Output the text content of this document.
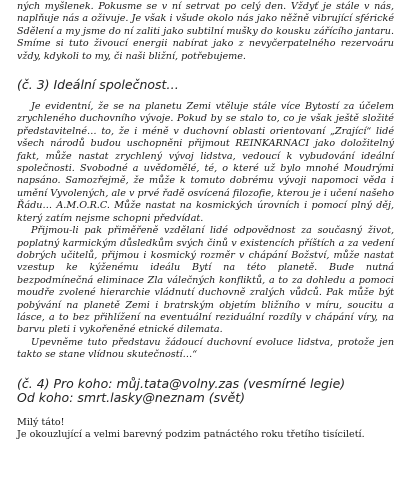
ných myšlenek. Pokusme se v ní setrvat po celý den. Vždyť je stále v nás, naplňuje nás a oživuje. Je však i všude okolo nás jako něžně vibrující sférické Sdělení a my jsme do ní zaliti jako subtilní mušky do kousku zářícího jantaru. Smíme si tuto živoucí energii nabírat jako z nevyčerpatelného rezervoáru vždy, kdykoli to my, či naši bližní, potřebujeme.

(č. 3) Ideální společnost…

Je evidentní, že se na planetu Zemi vtěluje stále více Bytostí za účelem zrychleného duchovního vývoje. Pokud by se stalo to, co je však ještě složité představitelné… to, že i méně v duchovní oblasti orientovaní „Zrající“ lidé všech národů budou uschopněni přijmout REINKARNACI jako doložitelný fakt, může nastat zrychlený vývoj lidstva, vedoucí k vybudování ideální společnosti. Svobodné a uvědomělé, té, o které už bylo mnohé Moudrými napsáno. Samozřejmě, že může k tomuto dobrému vývoji napomoci věda i umění Vyvolených, ale v prvé řadě osvícená filozofie, kterou je i učení našeho Řádu… A.M.O.R.C. Může nastat na kosmických úrovních i pomocí plný děj, který zatím nejsme schopni předvídat.

Přijmou-li pak přiměřeně vzdělaní lidé odpovědnost za současný život, poplatný karmickým důsledkům svých činů v existencích příštích a za vedení dobrých učitelů, přijmou i kosmický rozměr v chápání Božství, může nastat vzestup ke kýženému ideálu Bytí na této planetě. Bude nutná bezpodmínečná eliminace Zla válečných konfliktů, a to za dohledu a pomoci moudře zvolené hierarchie vládnutí duchovně zralých vůdců. Pak může být pobývání na planetě Zemi i bratrským objetím bližního v míru, soucitu a lásce, a to bez přihlížení na eventuální reziduální rozdíly v chápání víry, na barvu pleti i vykořeněné etnické dilemata.

Upevněme tuto představu žádoucí duchovní evoluce lidstva, protože jen takto se stane vlídnou skutečností…“

(č. 4) Pro koho: můj.tata@volny.zas (vesmírné legie)
Od koho: smrt.lasky@neznam (svět)

Milý táto!

Je okouzlující a velmi barevný podzim patnáctého roku třetího tisíciletí.
